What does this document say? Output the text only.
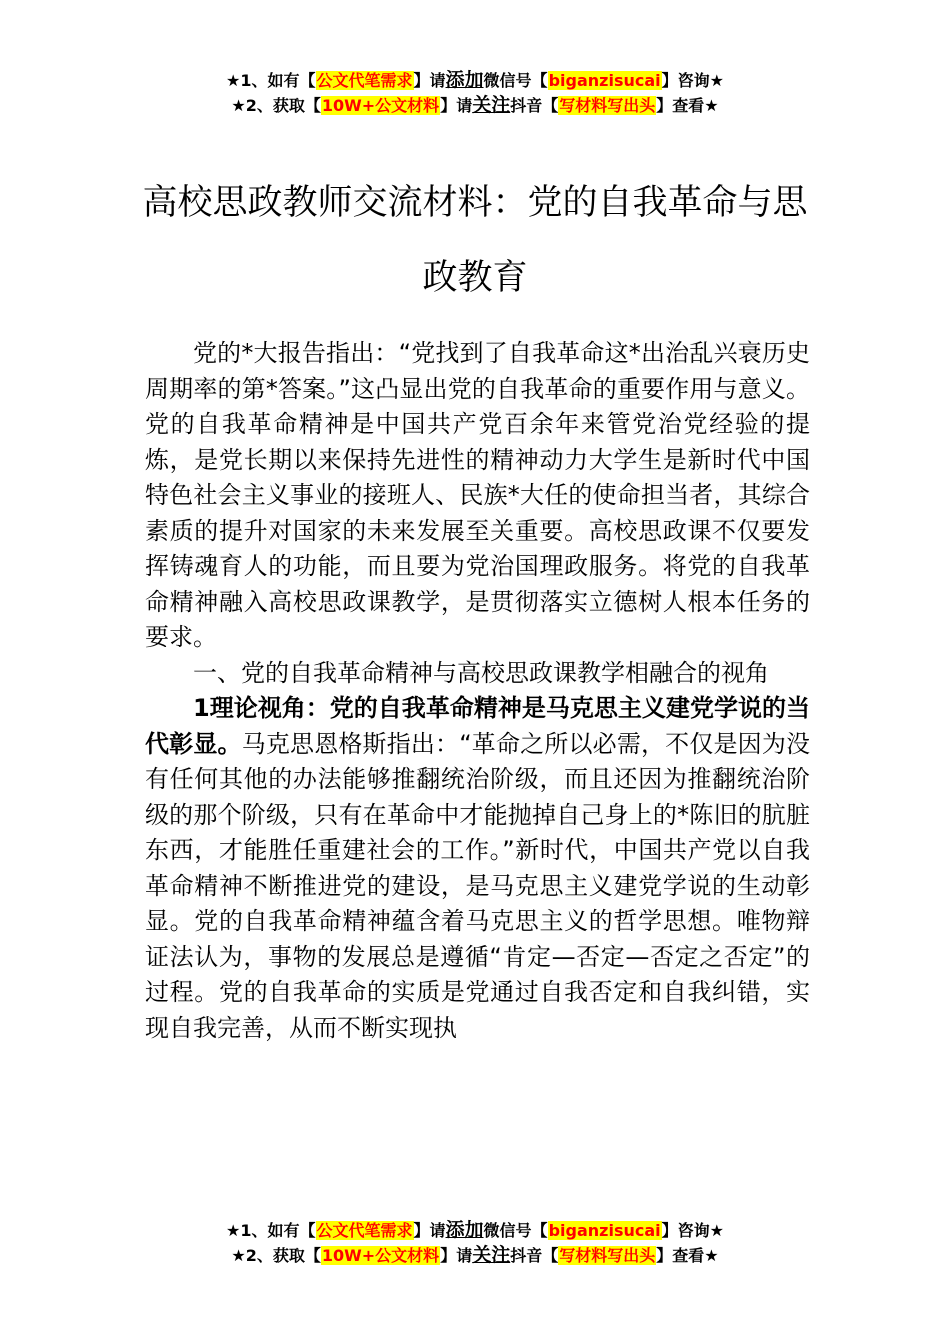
★1、如有【公文代笔需求】请添加微信号【biganzisucai】咨询★
★2、获取【10W+公文材料】请关注抖音【写材料写出头】查看★
高校思政教师交流材料：党的自我革命与思政教育

党的*大报告指出：“党找到了自我革命这*出治乱兴衰历史周期率的第*答案。”这凸显出党的自我革命的重要作用与意义。党的自我革命精神是中国共产党百余年来管党治党经验的提炼，是党长期以来保持先进性的精神动力大学生是新时代中国特色社会主义事业的接班人、民族*大任的使命担当者，其综合素质的提升对国家的未来发展至关重要。高校思政课不仅要发挥铸魂育人的功能，而且要为党治国理政服务。将党的自我革命精神融入高校思政课教学，是贯彻落实立德树人根本任务的要求。

一、党的自我革命精神与高校思政课教学相融合的视角

1理论视角：党的自我革命精神是马克思主义建党学说的当代彰显。马克思恩格斯指出：“革命之所以必需，不仅是因为没有任何其他的办法能够推翻统治阶级，而且还因为推翻统治阶级的那个阶级，只有在革命中才能抛掉自己身上的*陈旧的肮脏东西，才能胜任重建社会的工作。”新时代，中国共产党以自我革命精神不断推进党的建设，是马克思主义建党学说的生动彰显。党的自我革命精神蕴含着马克思主义的哲学思想。唯物辩证法认为，事物的发展总是遵循“肯定—否定—否定之否定”的过程。党的自我革命的实质是党通过自我否定和自我纠错，实现自我完善，从而不断实现执

★1、如有【公文代笔需求】请添加微信号【biganzisucai】咨询★
★2、获取【10W+公文材料】请关注抖音【写材料写出头】查看★
